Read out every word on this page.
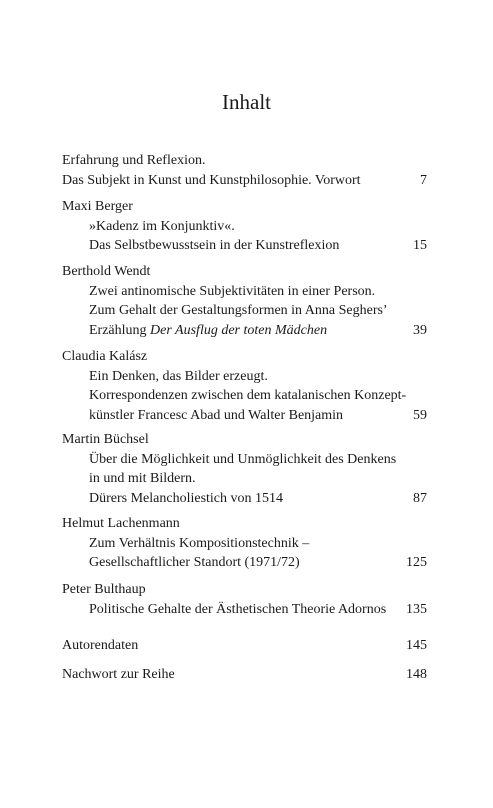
Inhalt
Erfahrung und Reflexion.
Das Subjekt in Kunst und Kunstphilosophie. Vorwort	7
Maxi Berger
»Kadenz im Konjunktiv«.
Das Selbstbewusstsein in der Kunstreflexion	15
Berthold Wendt
Zwei antinomische Subjektivitäten in einer Person.
Zum Gehalt der Gestaltungsformen in Anna Seghers’
Erzählung Der Ausflug der toten Mädchen	39
Claudia Kalász
Ein Denken, das Bilder erzeugt.
Korrespondenzen zwischen dem katalanischen Konzept-
künstler Francesc Abad und Walter Benjamin	59
Martin Büchsel
Über die Möglichkeit und Unmöglichkeit des Denkens
in und mit Bildern.
Dürers Melancholiestich von 1514	87
Helmut Lachenmann
Zum Verhältnis Kompositionstechnik –
Gesellschaftlicher Standort (1971/72)	125
Peter Bulthaup
Politische Gehalte der Ästhetischen Theorie Adornos 135
Autorendaten	145
Nachwort zur Reihe	148
